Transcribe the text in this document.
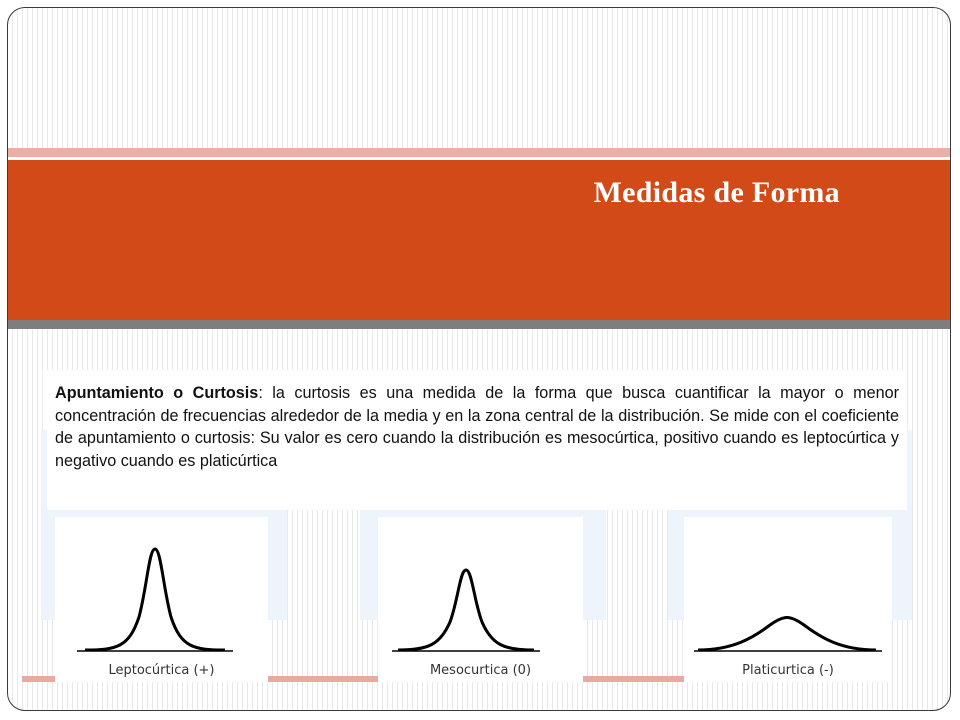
Medidas de Forma

Apuntamiento o Curtosis: la curtosis es una medida de la forma que busca cuantificar la mayor o menor concentración de frecuencias alrededor de la media y en la zona central de la distribución. Se mide con el coeficiente de apuntamiento o curtosis: Su valor es cero cuando la distribución es mesocúrtica, positivo cuando es leptocúrtica y negativo cuando es platicúrtica

Leptocúrtica (+)	Mesocurtica (0)	Platicurtica (-)
